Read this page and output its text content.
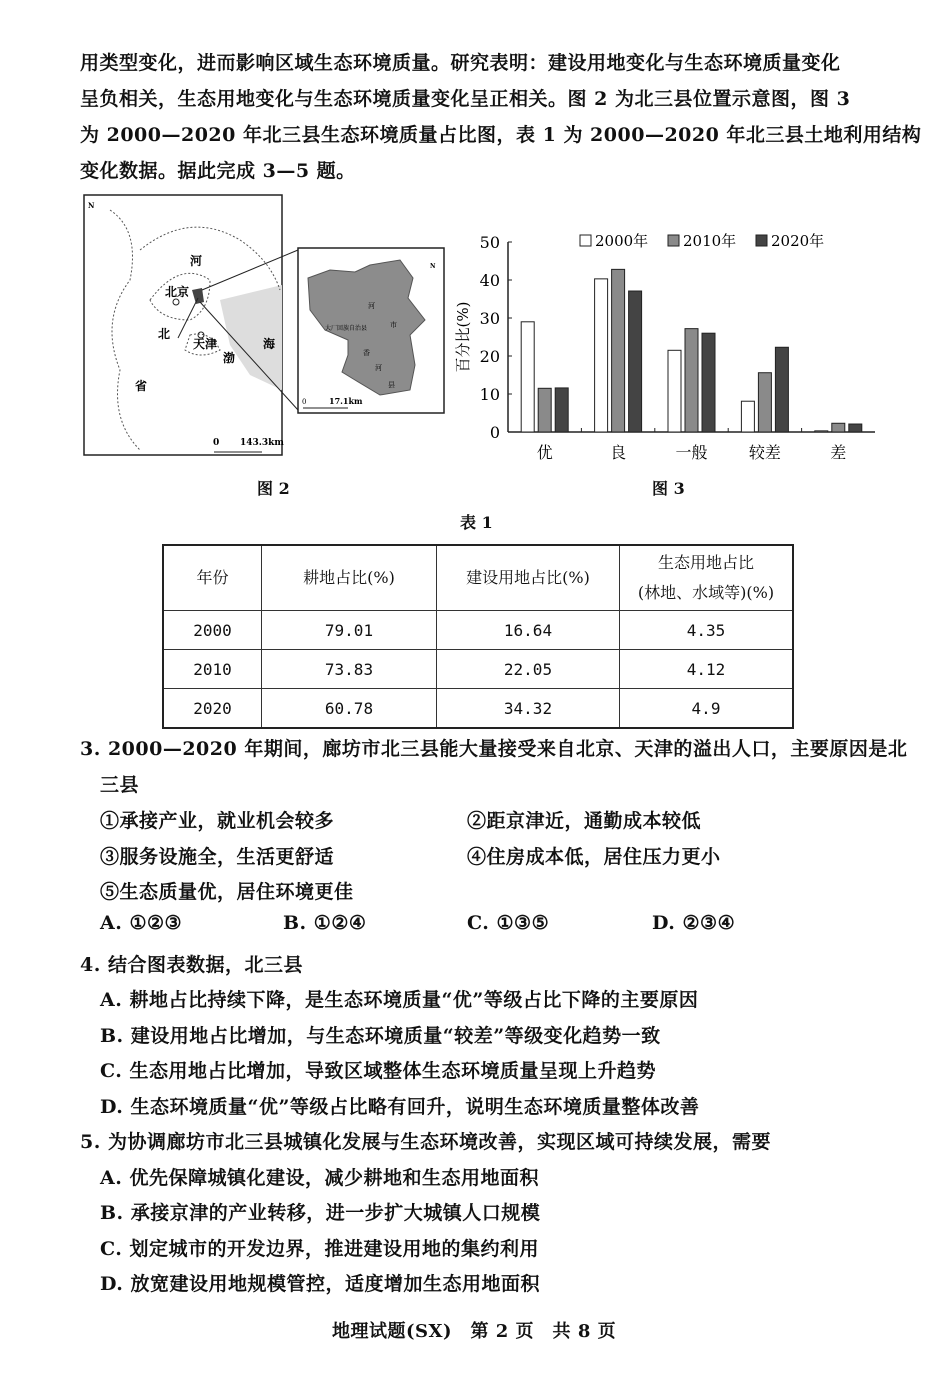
用类型变化，进而影响区域生态环境质量。研究表明：建设用地变化与生态环境质量变化
呈负相关，生态用地变化与生态环境质量变化呈正相关。图 2 为北三县位置示意图，图 3
为 2000—2020 年北三县生态环境质量占比图，表 1 为 2000—2020 年北三县土地利用结构
变化数据。据此完成 3—5 题。
N
河
北京
北
天津
渤
海
省
0 143.3km
N
河
市
大厂回族自治县
香
河
县
0	17.1km
图 2
0
10
20
30
40
50
百分比(%)
优	良	一般	较差	差
2000年 2010年 2020年
图 3
表 1
年份	耕地占比(%)	建设用地占比(%)	生态用地占比
(林地、水域等)(%)
2000	79.01	16.64	4.35
2010	73.83	22.05	4.12
2020	60.78	34.32	4.9
3. 2000—2020 年期间，廊坊市北三县能大量接受来自北京、天津的溢出人口，主要原因是北
三县
①承接产业，就业机会较多	②距京津近，通勤成本较低
③服务设施全，生活更舒适	④住房成本低，居住压力更小
⑤生态质量优，居住环境更佳
A. ①②③	B. ①②④	C. ①③⑤	D. ②③④
4. 结合图表数据，北三县
A. 耕地占比持续下降，是生态环境质量“优”等级占比下降的主要原因
B. 建设用地占比增加，与生态环境质量“较差”等级变化趋势一致
C. 生态用地占比增加，导致区域整体生态环境质量呈现上升趋势
D. 生态环境质量“优”等级占比略有回升，说明生态环境质量整体改善
5. 为协调廊坊市北三县城镇化发展与生态环境改善，实现区域可持续发展，需要
A. 优先保障城镇化建设，减少耕地和生态用地面积
B. 承接京津的产业转移，进一步扩大城镇人口规模
C. 划定城市的开发边界，推进建设用地的集约利用
D. 放宽建设用地规模管控，适度增加生态用地面积
地理试题(SX)　第 2 页　共 8 页
